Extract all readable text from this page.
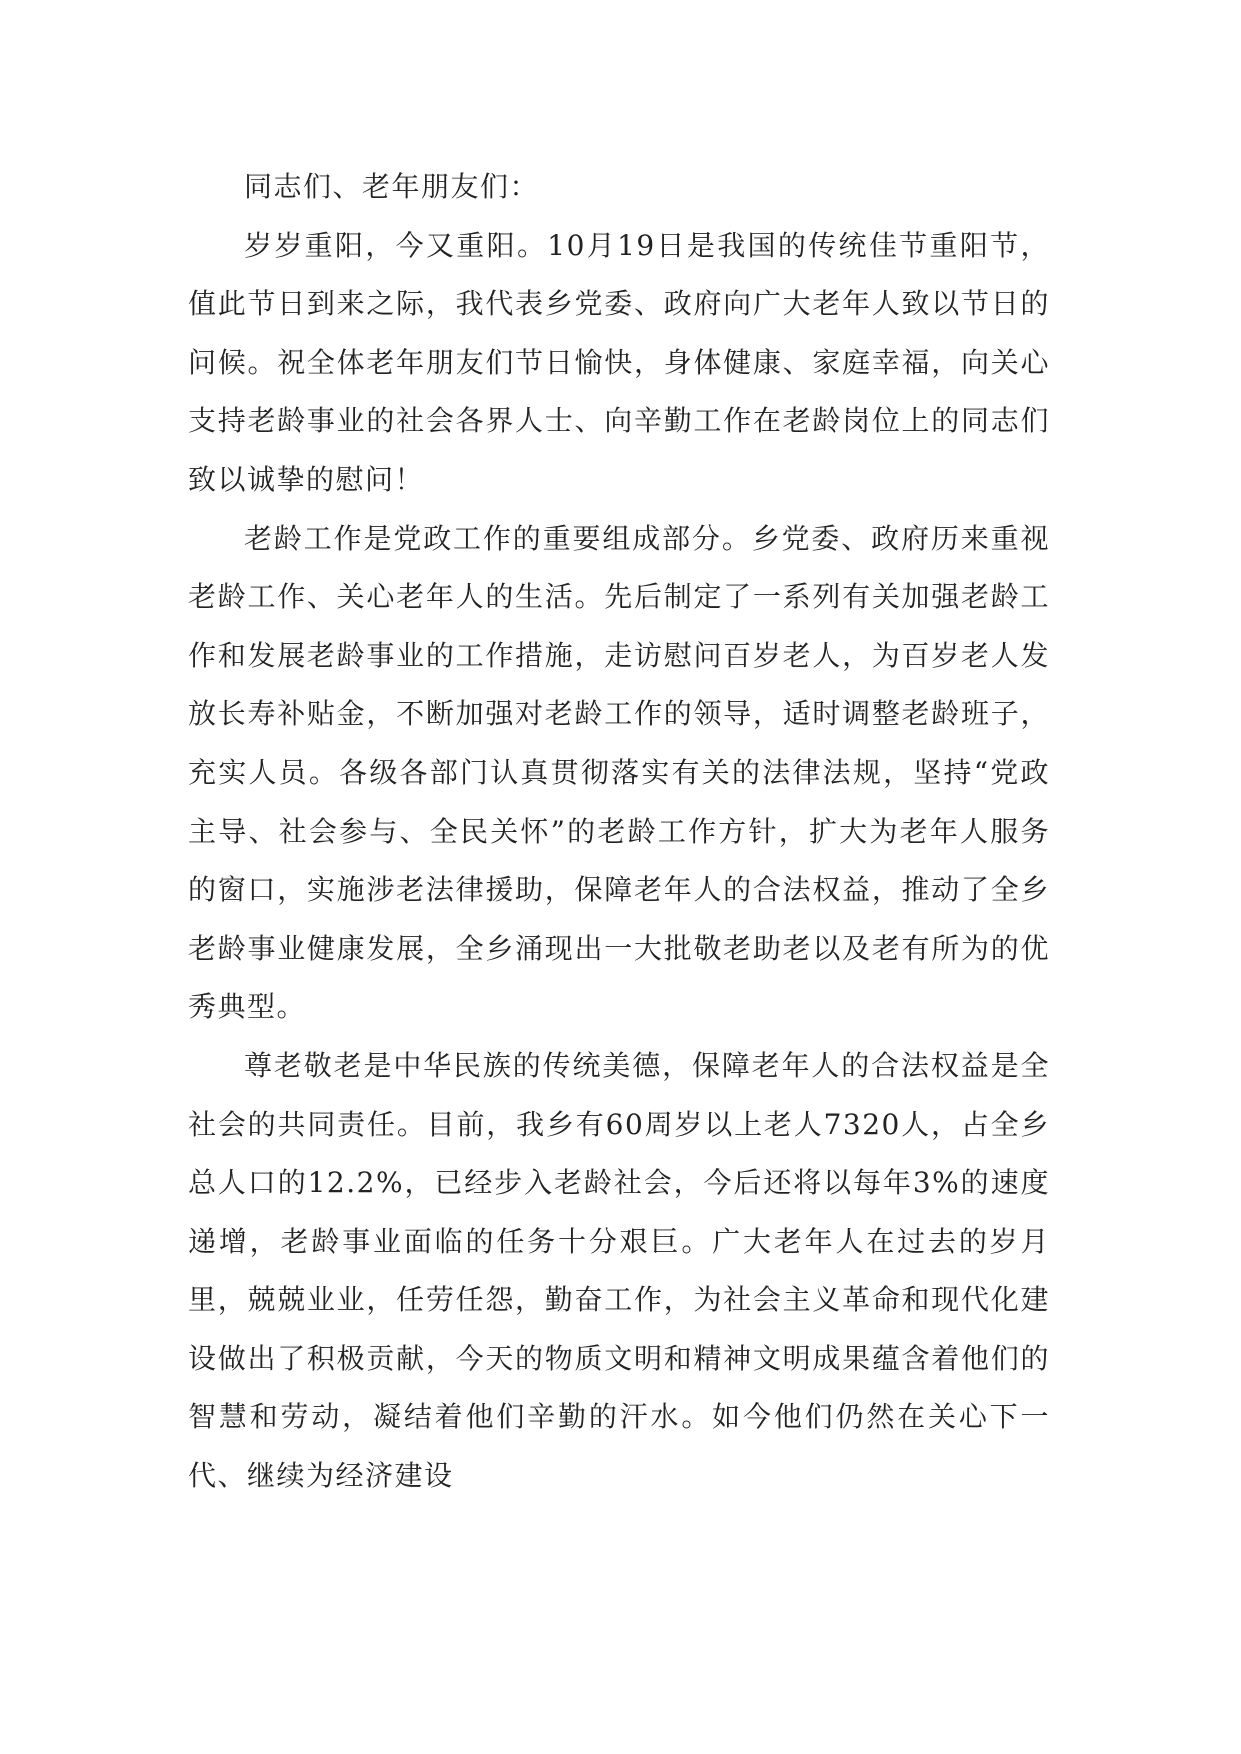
同志们、老年朋友们：

岁岁重阳，今又重阳。10月19日是我国的传统佳节重阳节，值此节日到来之际，我代表乡党委、政府向广大老年人致以节日的问候。祝全体老年朋友们节日愉快，身体健康、家庭幸福，向关心支持老龄事业的社会各界人士、向辛勤工作在老龄岗位上的同志们致以诚挚的慰问！

老龄工作是党政工作的重要组成部分。乡党委、政府历来重视老龄工作、关心老年人的生活。先后制定了一系列有关加强老龄工作和发展老龄事业的工作措施，走访慰问百岁老人，为百岁老人发放长寿补贴金，不断加强对老龄工作的领导，适时调整老龄班子，充实人员。各级各部门认真贯彻落实有关的法律法规，坚持“党政主导、社会参与、全民关怀”的老龄工作方针，扩大为老年人服务的窗口，实施涉老法律援助，保障老年人的合法权益，推动了全乡老龄事业健康发展，全乡涌现出一大批敬老助老以及老有所为的优秀典型。

尊老敬老是中华民族的传统美德，保障老年人的合法权益是全社会的共同责任。目前，我乡有60周岁以上老人7320人，占全乡总人口的12.2%，已经步入老龄社会，今后还将以每年3%的速度递增，老龄事业面临的任务十分艰巨。广大老年人在过去的岁月里，兢兢业业，任劳任怨，勤奋工作，为社会主义革命和现代化建设做出了积极贡献，今天的物质文明和精神文明成果蕴含着他们的智慧和劳动，凝结着他们辛勤的汗水。如今他们仍然在关心下一代、继续为经济建设
